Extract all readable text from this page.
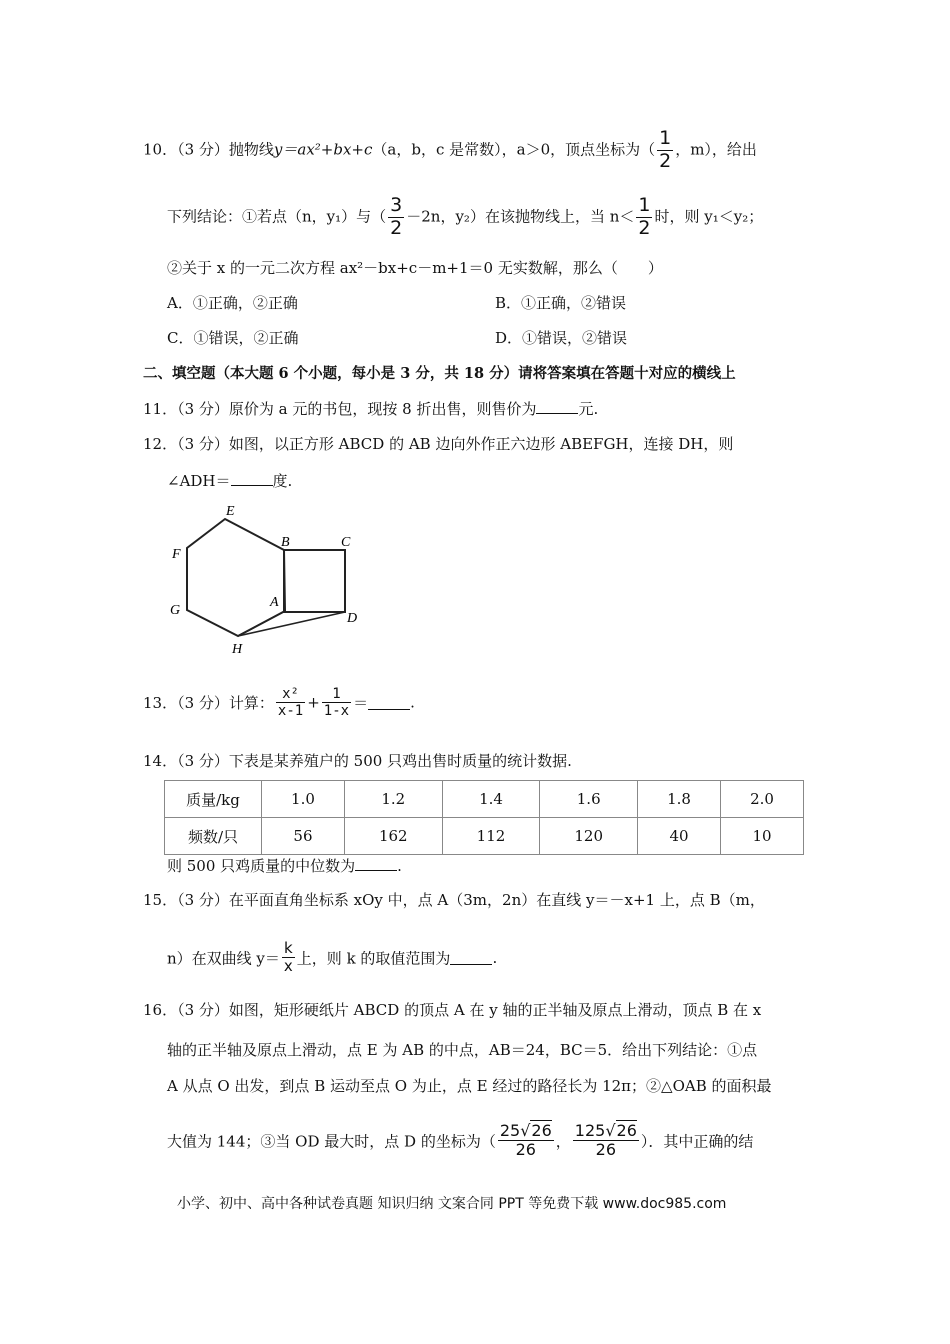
10．（3 分）抛物线y＝ax²+bx+c（a，b，c 是常数），a＞0，顶点坐标为（ $\frac{1}{2}$ ，m），给出
下列结论：①若点（n，y₁）与（ $\frac{3}{2} -2n$，y₂）在该抛物线上，当 $n< \frac{1}{2}$ 时，则 y₁＜y₂；
②关于 x 的一元二次方程 ax²－bx+c－m+1＝0 无实数解，那么（　　）
A．①正确，②正确	B．①正确，②错误
C．①错误，②正确	D．①错误，②错误
二、填空题（本大题 6 个小题，每小是 3 分，共 18 分）请将答案填在答题十对应的横线上
11．（3 分）原价为 a 元的书包，现按 8 折出售，则售价为	元.
12．（3 分）如图，以正方形 ABCD 的 AB 边向外作正六边形 ABEFGH，连接 DH，则
∠ADH＝	度.
E
B	C
F
A
G
D
H
13．（3 分）计算： $\frac{\text{x²}}{x-1} + \frac{1}{1-x}$ ＝	.
14．（3 分）下表是某养殖户的 500 只鸡出售时质量的统计数据.
质量/kg	1.0	1.2	1.4	1.6	1.8	2.0
频数/只	56	162	112	120	40	10
则 500 只鸡质量的中位数为	.
15．（3 分）在平面直角坐标系 xOy 中，点 A（3m，2n）在直线 y＝－x+1 上，点 B（m，
n）在双曲线 $y= \frac{k}{x}$ 上，则 k 的取值范围为	.
16．（3 分）如图，矩形硬纸片 ABCD 的顶点 A 在 y 轴的正半轴及原点上滑动，顶点 B 在 x
轴的正半轴及原点上滑动，点 E 为 AB 的中点，AB＝24，BC＝5．给出下列结论：①点
A 从点 O 出发，到点 B 运动至点 O 为止，点 E 经过的路径长为 12π；②△OAB 的面积最
大值为 144；③当 OD 最大时，点 D 的坐标为（ $\frac{25√26}{26}$ ， $\frac{125√26}{26}$ ）．其中正确的结
小学、初中、高中各种试卷真题 知识归纳 文案合同 PPT 等免费下载 www.doc985.com
